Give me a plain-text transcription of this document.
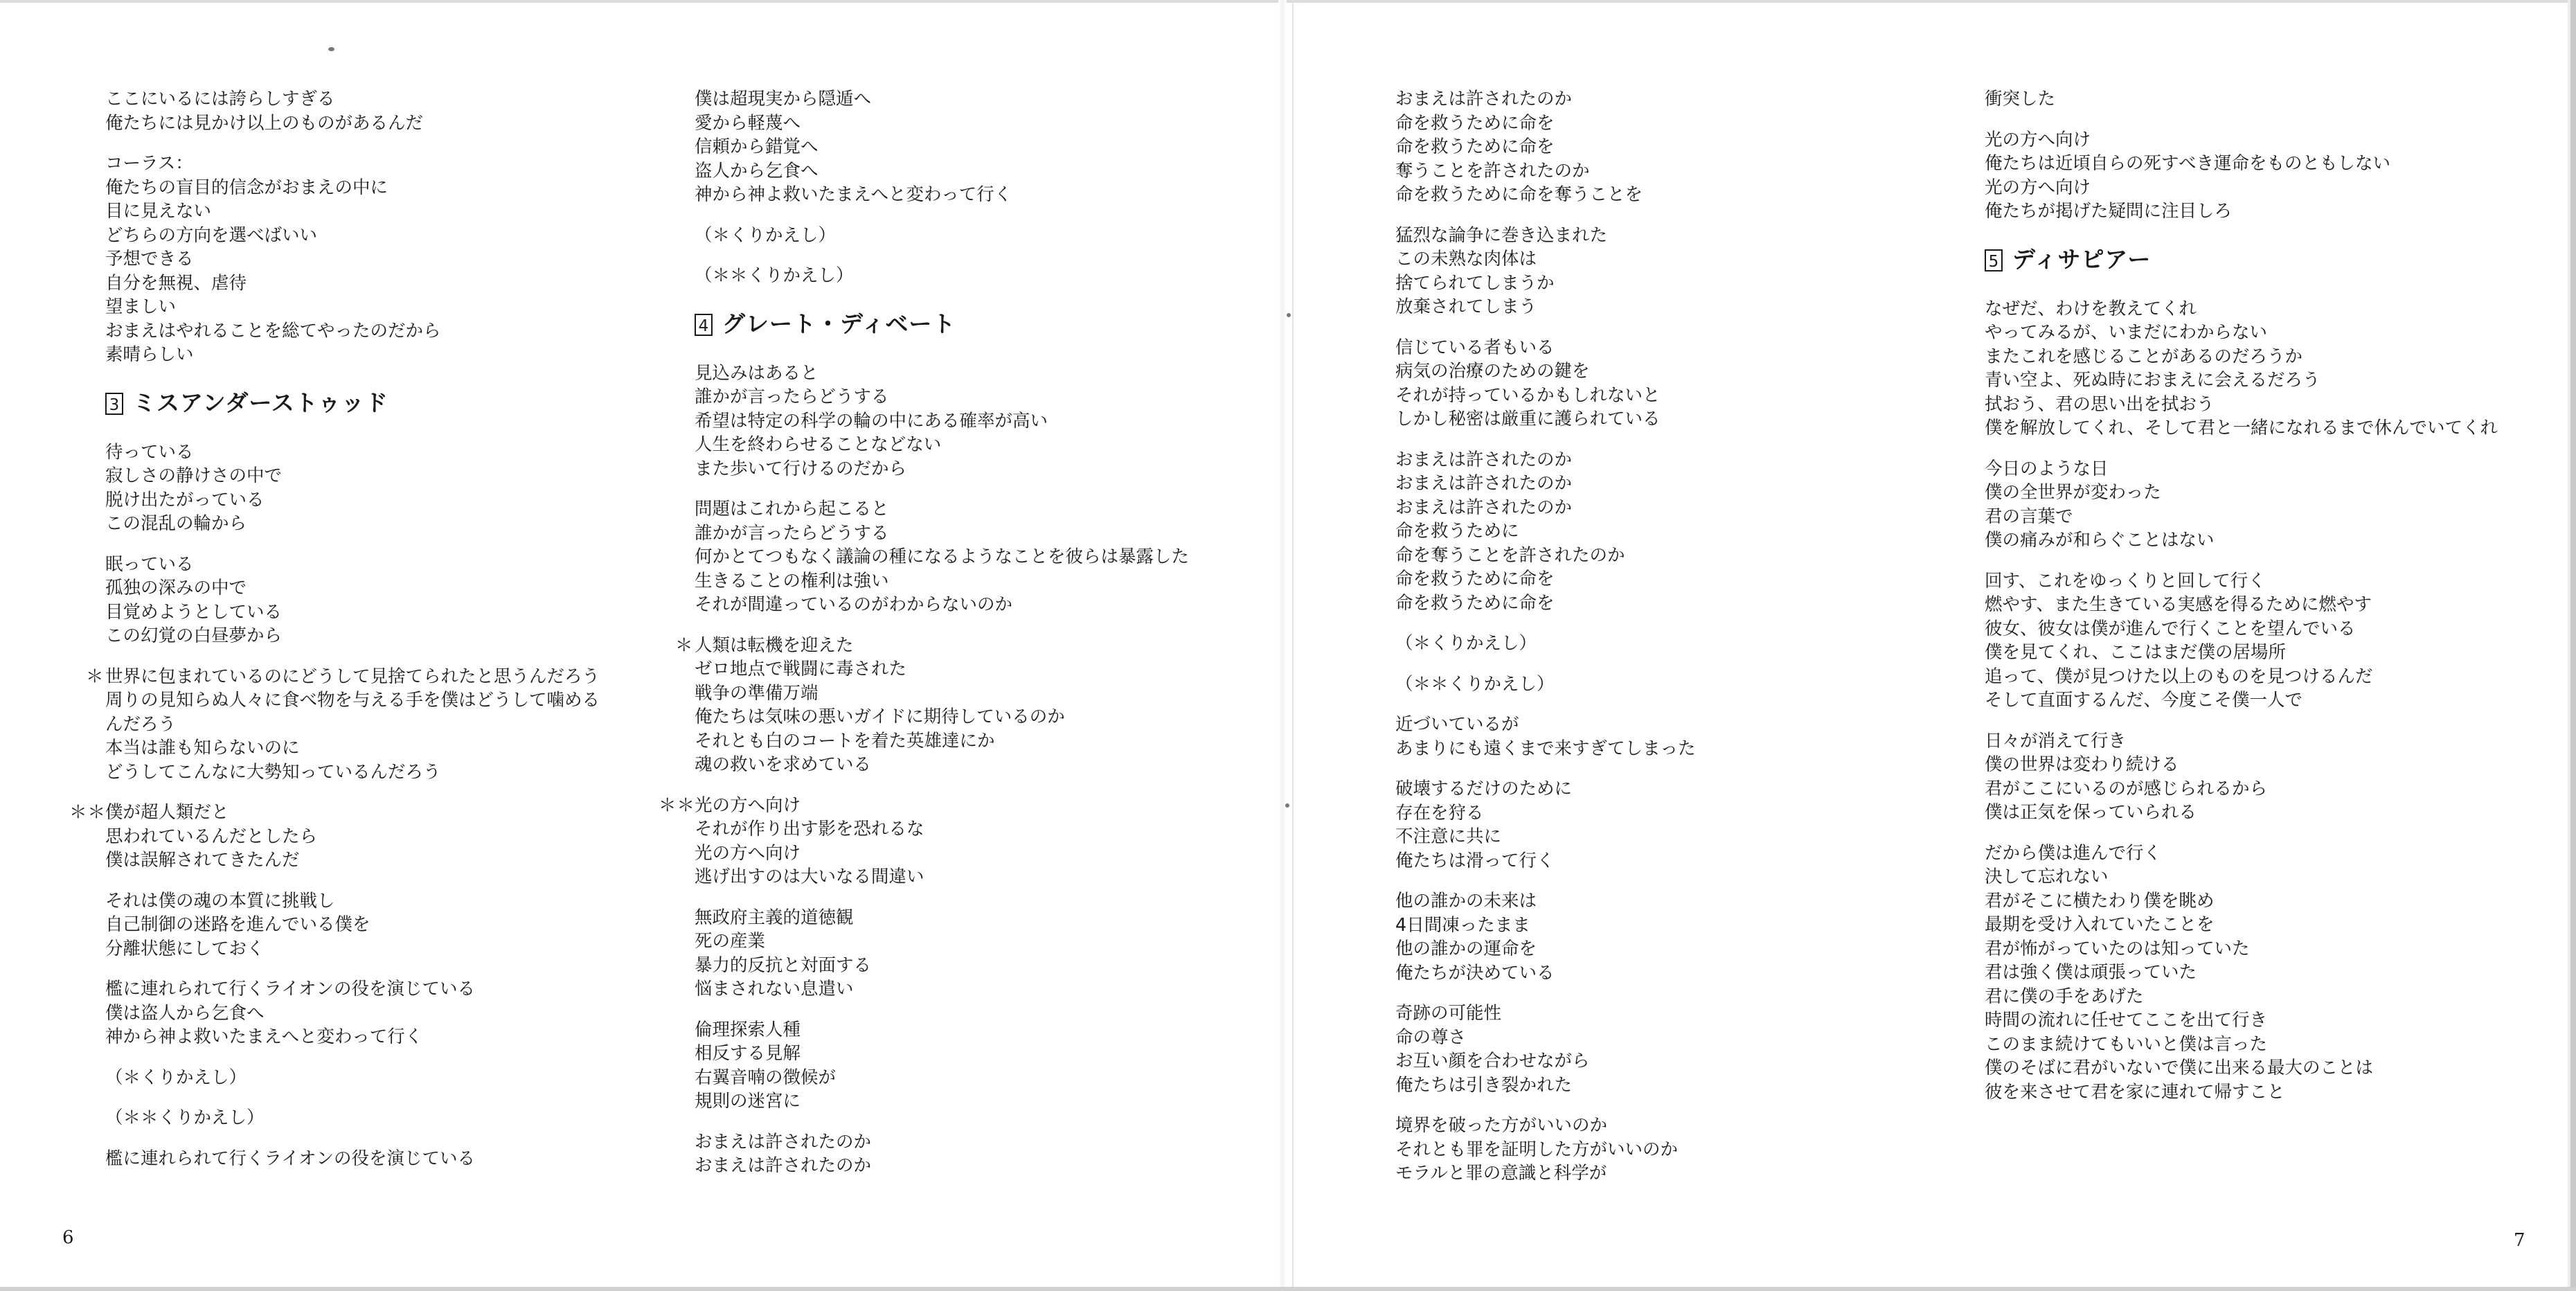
ここにいるには誇らしすぎる
俺たちには見かけ以上のものがあるんだ
コーラス：
俺たちの盲目的信念がおまえの中に
目に見えない
どちらの方向を選べばいい
予想できる
自分を無視、虐待
望ましい
おまえはやれることを総てやったのだから
素晴らしい
3 ミスアンダーストゥッド
待っている
寂しさの静けさの中で
脱け出たがっている
この混乱の輪から
眠っている
孤独の深みの中で
目覚めようとしている
この幻覚の白昼夢から
＊ 世界に包まれているのにどうして見捨てられたと思うんだろう
周りの見知らぬ人々に食べ物を与える手を僕はどうして噛める
んだろう
本当は誰も知らないのに
どうしてこんなに大勢知っているんだろう
＊＊
僕が超人類だと
思われているんだとしたら
僕は誤解されてきたんだ
それは僕の魂の本質に挑戦し
自己制御の迷路を進んでいる僕を
分離状態にしておく
檻に連れられて行くライオンの役を演じている
僕は盗人から乞食へ
神から神よ救いたまえへと変わって行く
（＊くりかえし）
（＊＊くりかえし）
檻に連れられて行くライオンの役を演じている
僕は超現実から隠遁へ
愛から軽蔑へ
信頼から錯覚へ
盗人から乞食へ
神から神よ救いたまえへと変わって行く
（＊くりかえし）
（＊＊くりかえし）
4 グレート・ディベート
見込みはあると
誰かが言ったらどうする
希望は特定の科学の輪の中にある確率が高い
人生を終わらせることなどない
また歩いて行けるのだから
問題はこれから起こると
誰かが言ったらどうする
何かとてつもなく議論の種になるようなことを彼らは暴露した
生きることの権利は強い
それが間違っているのがわからないのか
＊ 人類は転機を迎えた
ゼロ地点で戦闘に毒された
戦争の準備万端
俺たちは気味の悪いガイドに期待しているのか
それとも白のコートを着た英雄達にか
魂の救いを求めている
＊＊
光の方へ向け
それが作り出す影を恐れるな
光の方へ向け
逃げ出すのは大いなる間違い
無政府主義的道徳観
死の産業
暴力的反抗と対面する
悩まされない息遣い
倫理探索人種
相反する見解
右翼音喃の徴候が
規則の迷宮に
おまえは許されたのか
おまえは許されたのか
おまえは許されたのか
命を救うために命を
命を救うために命を
奪うことを許されたのか
命を救うために命を奪うことを
猛烈な論争に巻き込まれた
この未熟な肉体は
捨てられてしまうか
放棄されてしまう
信じている者もいる
病気の治療のための鍵を
それが持っているかもしれないと
しかし秘密は厳重に護られている
おまえは許されたのか
おまえは許されたのか
おまえは許されたのか
命を救うために
命を奪うことを許されたのか
命を救うために命を
命を救うために命を
（＊くりかえし）
（＊＊くりかえし）
近づいているが
あまりにも遠くまで来すぎてしまった
破壊するだけのために
存在を狩る
不注意に共に
俺たちは滑って行く
他の誰かの未来は
4日間凍ったまま
他の誰かの運命を
俺たちが決めている
奇跡の可能性
命の尊さ
お互い顔を合わせながら
俺たちは引き裂かれた
境界を破った方がいいのか
それとも罪を証明した方がいいのか
モラルと罪の意識と科学が
衝突した
光の方へ向け
俺たちは近頃自らの死すべき運命をものともしない
光の方へ向け
俺たちが掲げた疑問に注目しろ
5 ディサピアー
なぜだ、わけを教えてくれ
やってみるが、いまだにわからない
またこれを感じることがあるのだろうか
青い空よ、死ぬ時におまえに会えるだろう
拭おう、君の思い出を拭おう
僕を解放してくれ、そして君と一緒になれるまで休んでいてくれ
今日のような日
僕の全世界が変わった
君の言葉で
僕の痛みが和らぐことはない
回す、これをゆっくりと回して行く
燃やす、また生きている実感を得るために燃やす
彼女、彼女は僕が進んで行くことを望んでいる
僕を見てくれ、ここはまだ僕の居場所
追って、僕が見つけた以上のものを見つけるんだ
そして直面するんだ、今度こそ僕一人で
日々が消えて行き
僕の世界は変わり続ける
君がここにいるのが感じられるから
僕は正気を保っていられる
だから僕は進んで行く
決して忘れない
君がそこに横たわり僕を眺め
最期を受け入れていたことを
君が怖がっていたのは知っていた
君は強く僕は頑張っていた
君に僕の手をあげた
時間の流れに任せてここを出て行き
このまま続けてもいいと僕は言った
僕のそばに君がいないで僕に出来る最大のことは
彼を来させて君を家に連れて帰すこと
6	7
